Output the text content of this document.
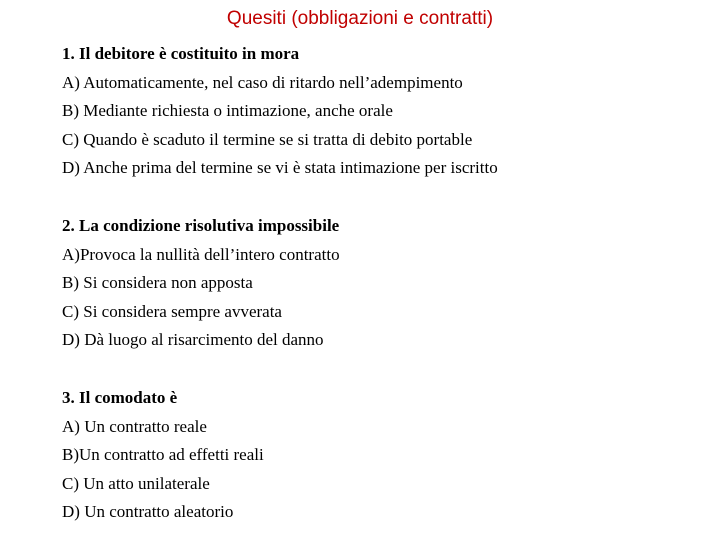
Quesiti (obbligazioni e contratti)

1. Il debitore è costituito in mora

A) Automaticamente, nel caso di ritardo nell’adempimento

B) Mediante richiesta o intimazione, anche orale

C) Quando è scaduto il termine se si tratta di debito portable

D) Anche prima del termine se vi è stata intimazione per iscritto

2. La condizione risolutiva impossibile

A)Provoca la nullità dell’intero contratto

B) Si considera non apposta

C) Si considera sempre avverata

D) Dà luogo al risarcimento del danno

3. Il comodato è

A) Un contratto reale

B)Un contratto ad effetti reali

C) Un atto unilaterale

D) Un contratto aleatorio
